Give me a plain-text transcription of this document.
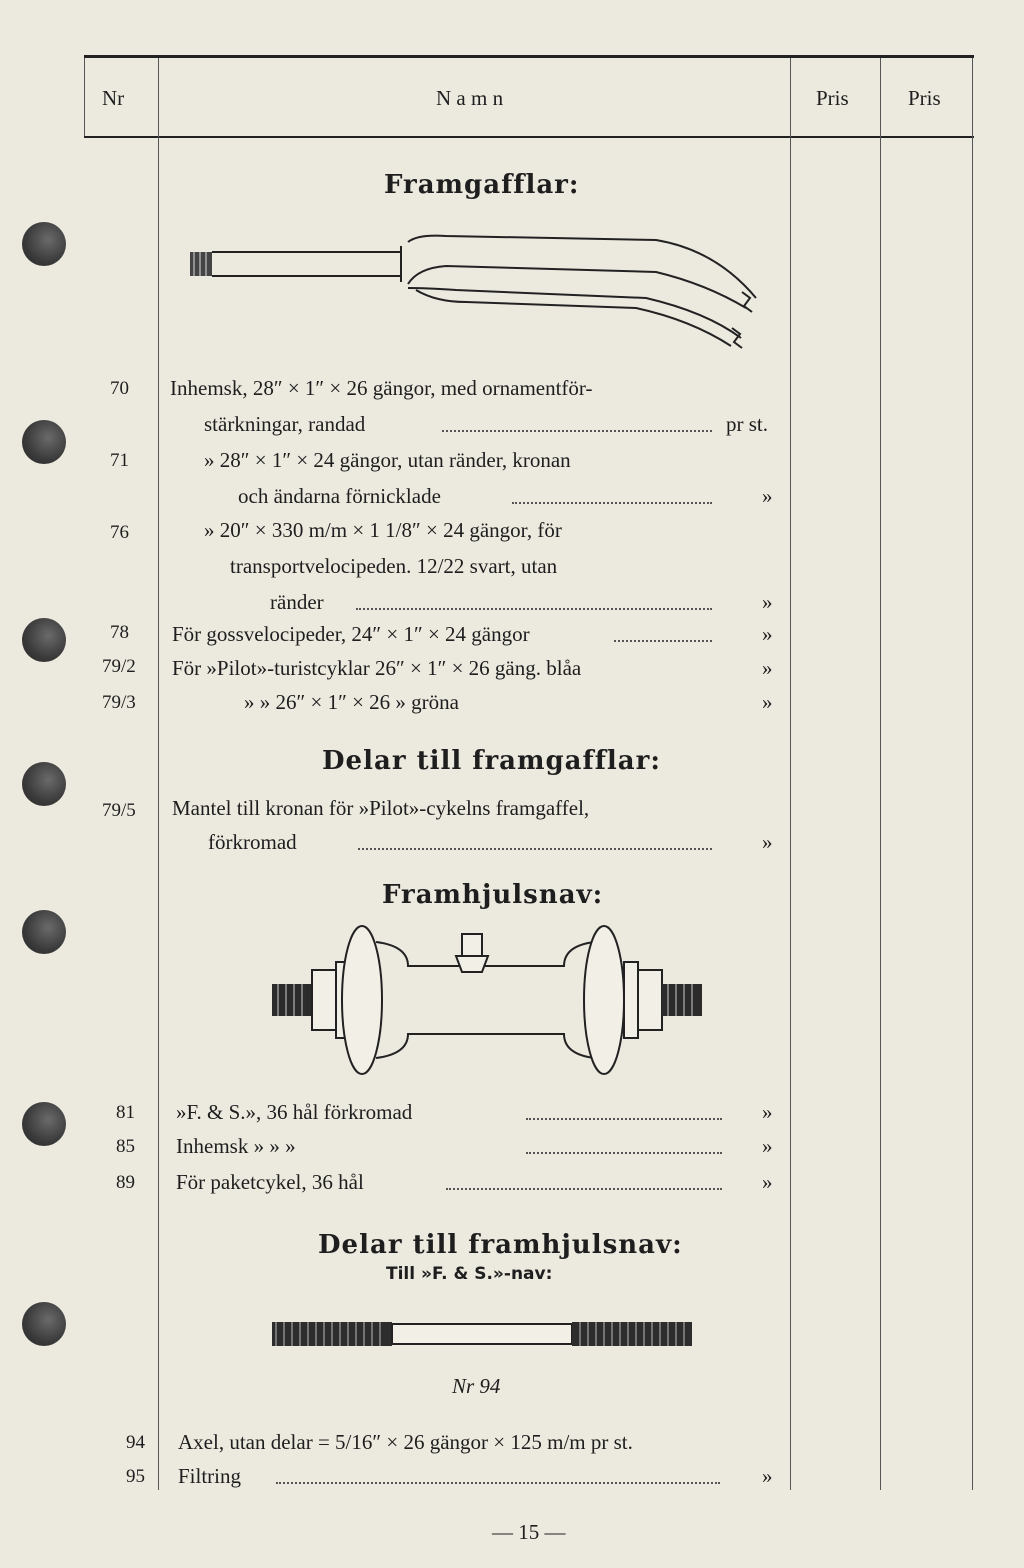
Nr	N a m n	Pris	Pris
Framgafflar:
70 Inhemsk, 28″ × 1″ × 26 gängor, med ornamentför-
stärkningar, randad	pr st.
71	» 28″ × 1″ × 24 gängor, utan ränder, kronan
och ändarna förnicklade	»
76	» 20″ × 330 m/m × 1 1/8″ × 24 gängor, för
transportvelocipeden. 12/22 svart, utan
ränder	»
78 För gossvelocipeder, 24″ × 1″ × 24 gängor	»
79/2 För »Pilot»-turistcyklar 26″ × 1″ × 26 gäng. blåa	»
79/3	» » 26″ × 1″ × 26 » gröna	»
Delar till framgafflar:
79/5 Mantel till kronan för »Pilot»-cykelns framgaffel,
förkromad	»
Framhjulsnav:
81 »F. & S.», 36 hål förkromad	»
85 Inhemsk » » »	»
89 För paketcykel, 36 hål	»
Delar till framhjulsnav:
Till »F. & S.»-nav:
Nr 94
94 Axel, utan delar = 5/16″ × 26 gängor × 125 m/m pr st.
95 Filtring	»
— 15 —
